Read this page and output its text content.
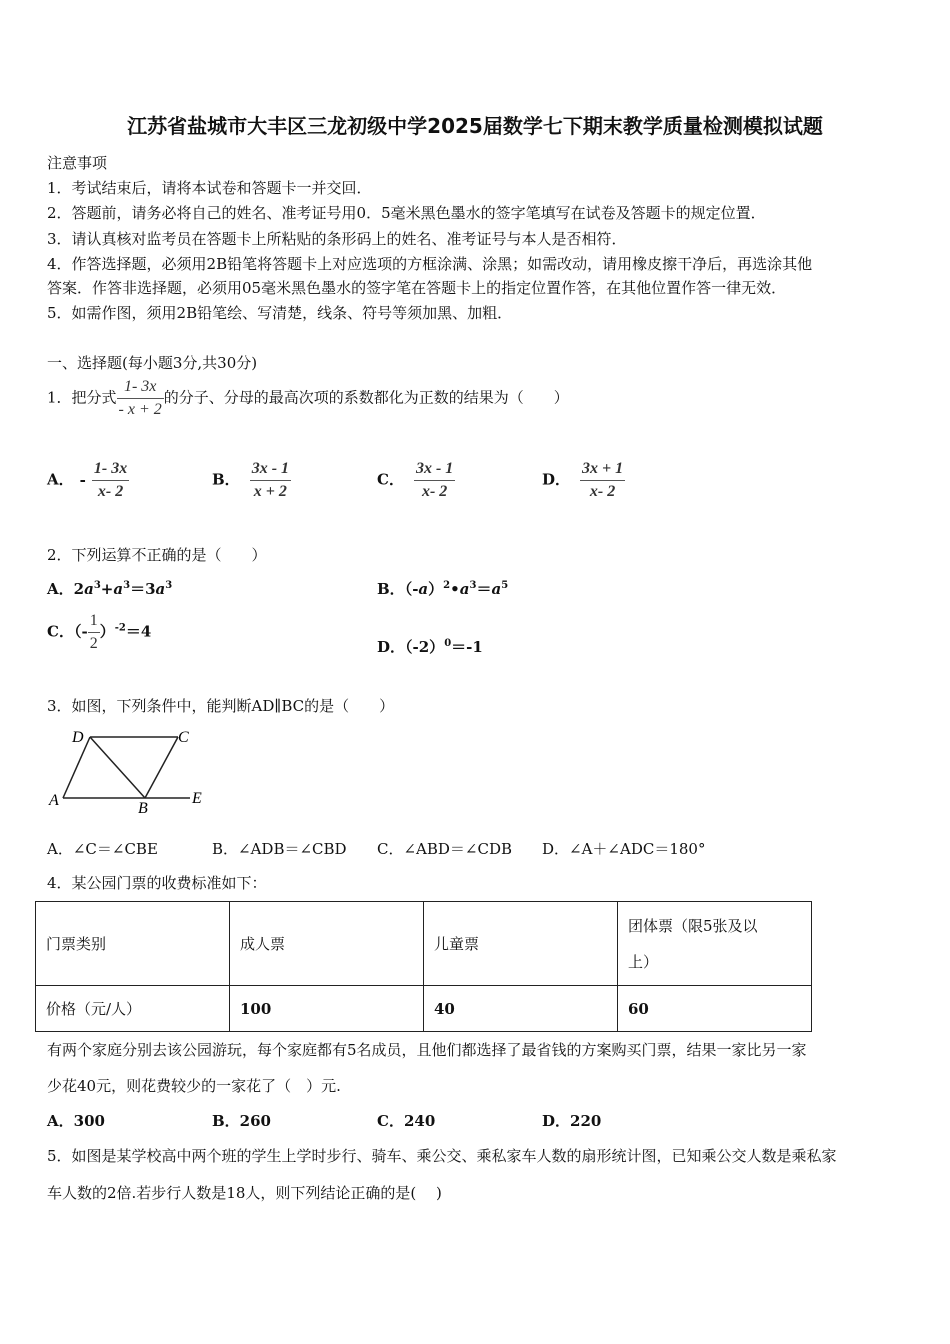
江苏省盐城市大丰区三龙初级中学2025届数学七下期末教学质量检测模拟试题
注意事项
1．考试结束后，请将本试卷和答题卡一并交回．
2．答题前，请务必将自己的姓名、准考证号用0．5毫米黑色墨水的签字笔填写在试卷及答题卡的规定位置．
3．请认真核对监考员在答题卡上所粘贴的条形码上的姓名、准考证号与本人是否相符．
4．作答选择题，必须用2B铅笔将答题卡上对应选项的方框涂满、涂黑；如需改动，请用橡皮擦干净后，再选涂其他
答案．作答非选择题，必须用05毫米黑色墨水的签字笔在答题卡上的指定位置作答，在其他位置作答一律无效．
5．如需作图，须用2B铅笔绘、写清楚，线条、符号等须加黑、加粗．
一、选择题(每小题3分,共30分)
1．把分式 $\frac{1- 3x}{- x + 2}$ 的分子、分母的最高次项的系数都化为正数的结果为（　　）
A． - $\frac{1- 3x}{x- 2}$	B． $\frac{3x - 1}{x + 2}$	C． $\frac{3x - 1}{x- 2}$	D． $\frac{3x + 1}{x- 2}$
2．下列运算不正确的是（　　）
A．$2a^3+a^3=3a^3$	B．$(-a)^2•a^3=a^5$
C．（- $\frac{1}{2} )^{-2}=4$
D．$(-2)^0=-1$
3．如图，下列条件中，能判断AD∥BC的是（　　）
D	C
A	B
E
A．∠C＝∠CBE	B．∠ADB＝∠CBD C．∠ABD＝∠CDB D．∠A＋∠ADC＝180°
4．某公园门票的收费标准如下：
门票类别	成人票	儿童票	团体票（限5张及以
上）

价格（元/人）	100	40	60
有两个家庭分别去该公园游玩，每个家庭都有5名成员，且他们都选择了最省钱的方案购买门票，结果一家比另一家
少花40元，则花费较少的一家花了（　）元.
A．300	B．260	C．240	D．220
5．如图是某学校高中两个班的学生上学时步行、骑车、乘公交、乘私家车人数的扇形统计图，已知乘公交人数是乘私家
车人数的2倍.若步行人数是18人，则下列结论正确的是(　 )
